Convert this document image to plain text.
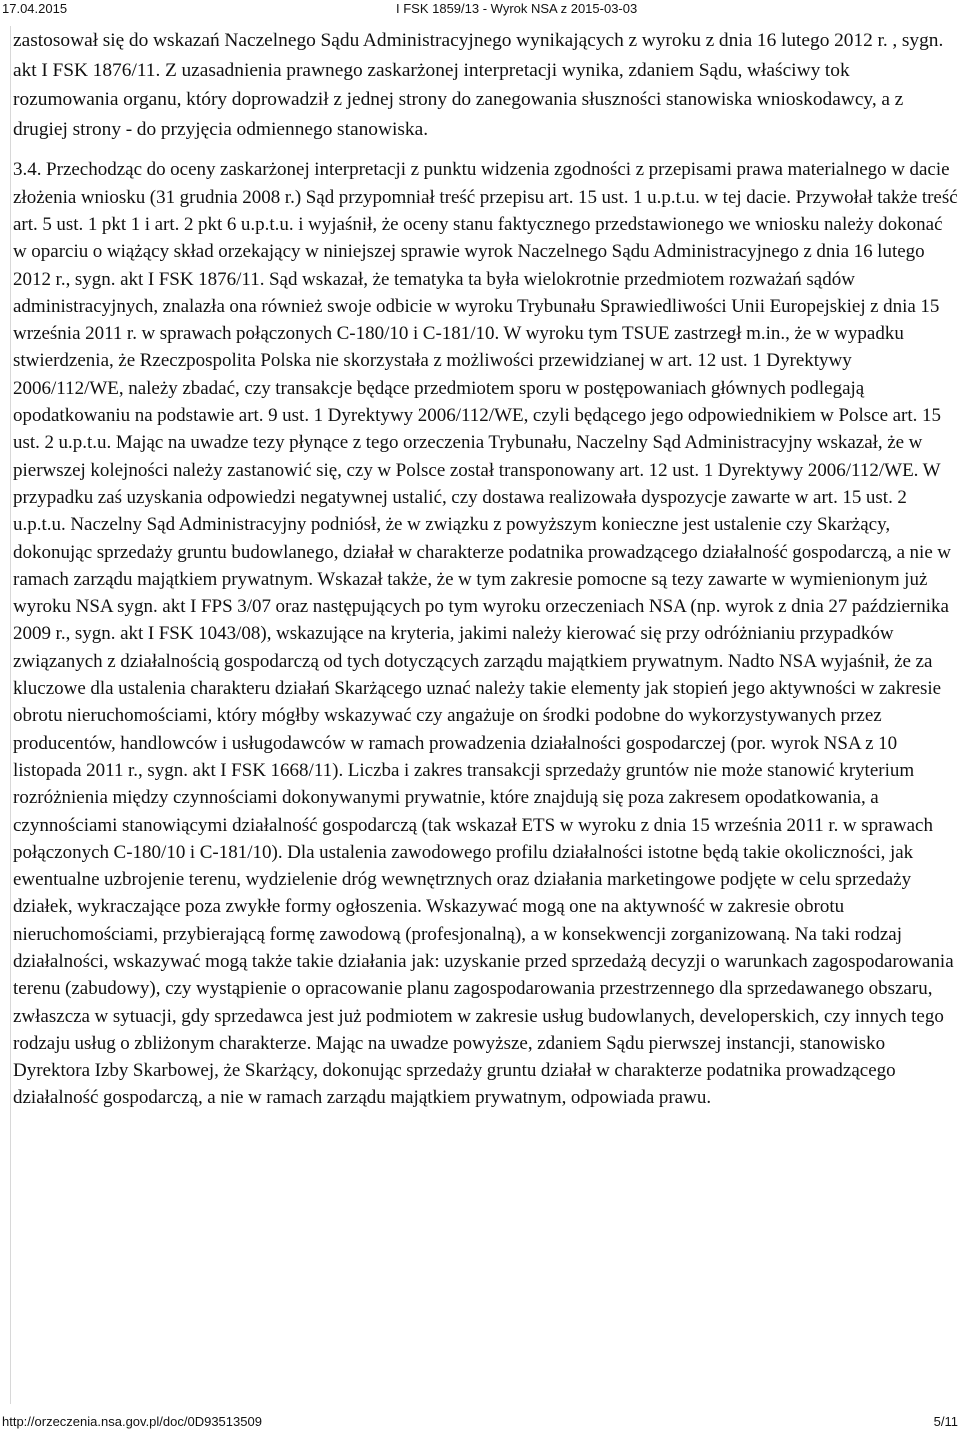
17.04.2015	I FSK 1859/13 - Wyrok NSA z 2015-03-03

zastosował się do wskazań Naczelnego Sądu Administracyjnego wynikających z wyroku z dnia 16 lutego 2012 r. , sygn. akt I FSK 1876/11. Z uzasadnienia prawnego zaskarżonej interpretacji wynika, zdaniem Sądu, właściwy tok rozumowania organu, który doprowadził z jednej strony do zanegowania słuszności stanowiska wnioskodawcy, a z drugiej strony - do przyjęcia odmiennego stanowiska.

3.4. Przechodząc do oceny zaskarżonej interpretacji z punktu widzenia zgodności z przepisami prawa materialnego w dacie złożenia wniosku (31 grudnia 2008 r.) Sąd przypomniał treść przepisu art. 15 ust. 1 u.p.t.u. w tej dacie. Przywołał także treść art. 5 ust. 1 pkt 1 i art. 2 pkt 6 u.p.t.u. i wyjaśnił, że oceny stanu faktycznego przedstawionego we wniosku należy dokonać w oparciu o wiążący skład orzekający w niniejszej sprawie wyrok Naczelnego Sądu Administracyjnego z dnia 16 lutego 2012 r., sygn. akt I FSK 1876/11. Sąd wskazał, że tematyka ta była wielokrotnie przedmiotem rozważań sądów administracyjnych, znalazła ona również swoje odbicie w wyroku Trybunału Sprawiedliwości Unii Europejskiej z dnia 15 września 2011 r. w sprawach połączonych C-180/10 i C-181/10. W wyroku tym TSUE zastrzegł m.in., że w wypadku stwierdzenia, że Rzeczpospolita Polska nie skorzystała z możliwości przewidzianej w art. 12 ust. 1 Dyrektywy 2006/112/WE, należy zbadać, czy transakcje będące przedmiotem sporu w postępowaniach głównych podlegają opodatkowaniu na podstawie art. 9 ust. 1 Dyrektywy 2006/112/WE, czyli będącego jego odpowiednikiem w Polsce art. 15 ust. 2 u.p.t.u. Mając na uwadze tezy płynące z tego orzeczenia Trybunału, Naczelny Sąd Administracyjny wskazał, że w pierwszej kolejności należy zastanowić się, czy w Polsce został transponowany art. 12 ust. 1 Dyrektywy 2006/112/WE. W przypadku zaś uzyskania odpowiedzi negatywnej ustalić, czy dostawa realizowała dyspozycje zawarte w art. 15 ust. 2 u.p.t.u. Naczelny Sąd Administracyjny podniósł, że w związku z powyższym konieczne jest ustalenie czy Skarżący, dokonując sprzedaży gruntu budowlanego, działał w charakterze podatnika prowadzącego działalność gospodarczą, a nie w ramach zarządu majątkiem prywatnym. Wskazał także, że w tym zakresie pomocne są tezy zawarte w wymienionym już wyroku NSA sygn. akt I FPS 3/07 oraz następujących po tym wyroku orzeczeniach NSA (np. wyrok z dnia 27 października 2009 r., sygn. akt I FSK 1043/08), wskazujące na kryteria, jakimi należy kierować się przy odróżnianiu przypadków związanych z działalnością gospodarczą od tych dotyczących zarządu majątkiem prywatnym. Nadto NSA wyjaśnił, że za kluczowe dla ustalenia charakteru działań Skarżącego uznać należy takie elementy jak stopień jego aktywności w zakresie obrotu nieruchomościami, który mógłby wskazywać czy angażuje on środki podobne do wykorzystywanych przez producentów, handlowców i usługodawców w ramach prowadzenia działalności gospodarczej (por. wyrok NSA z 10 listopada 2011 r., sygn. akt I FSK 1668/11). Liczba i zakres transakcji sprzedaży gruntów nie może stanowić kryterium rozróżnienia między czynnościami dokonywanymi prywatnie, które znajdują się poza zakresem opodatkowania, a czynnościami stanowiącymi działalność gospodarczą (tak wskazał ETS w wyroku z dnia 15 września 2011 r. w sprawach połączonych C-180/10 i C-181/10). Dla ustalenia zawodowego profilu działalności istotne będą takie okoliczności, jak ewentualne uzbrojenie terenu, wydzielenie dróg wewnętrznych oraz działania marketingowe podjęte w celu sprzedaży działek, wykraczające poza zwykłe formy ogłoszenia. Wskazywać mogą one na aktywność w zakresie obrotu nieruchomościami, przybierającą formę zawodową (profesjonalną), a w konsekwencji zorganizowaną. Na taki rodzaj działalności, wskazywać mogą także takie działania jak: uzyskanie przed sprzedażą decyzji o warunkach zagospodarowania terenu (zabudowy), czy wystąpienie o opracowanie planu zagospodarowania przestrzennego dla sprzedawanego obszaru, zwłaszcza w sytuacji, gdy sprzedawca jest już podmiotem w zakresie usług budowlanych, developerskich, czy innych tego rodzaju usług o zbliżonym charakterze. Mając na uwadze powyższe, zdaniem Sądu pierwszej instancji, stanowisko Dyrektora Izby Skarbowej, że Skarżący, dokonując sprzedaży gruntu działał w charakterze podatnika prowadzącego działalność gospodarczą, a nie w ramach zarządu majątkiem prywatnym, odpowiada prawu.

http://orzeczenia.nsa.gov.pl/doc/0D93513509	5/11
